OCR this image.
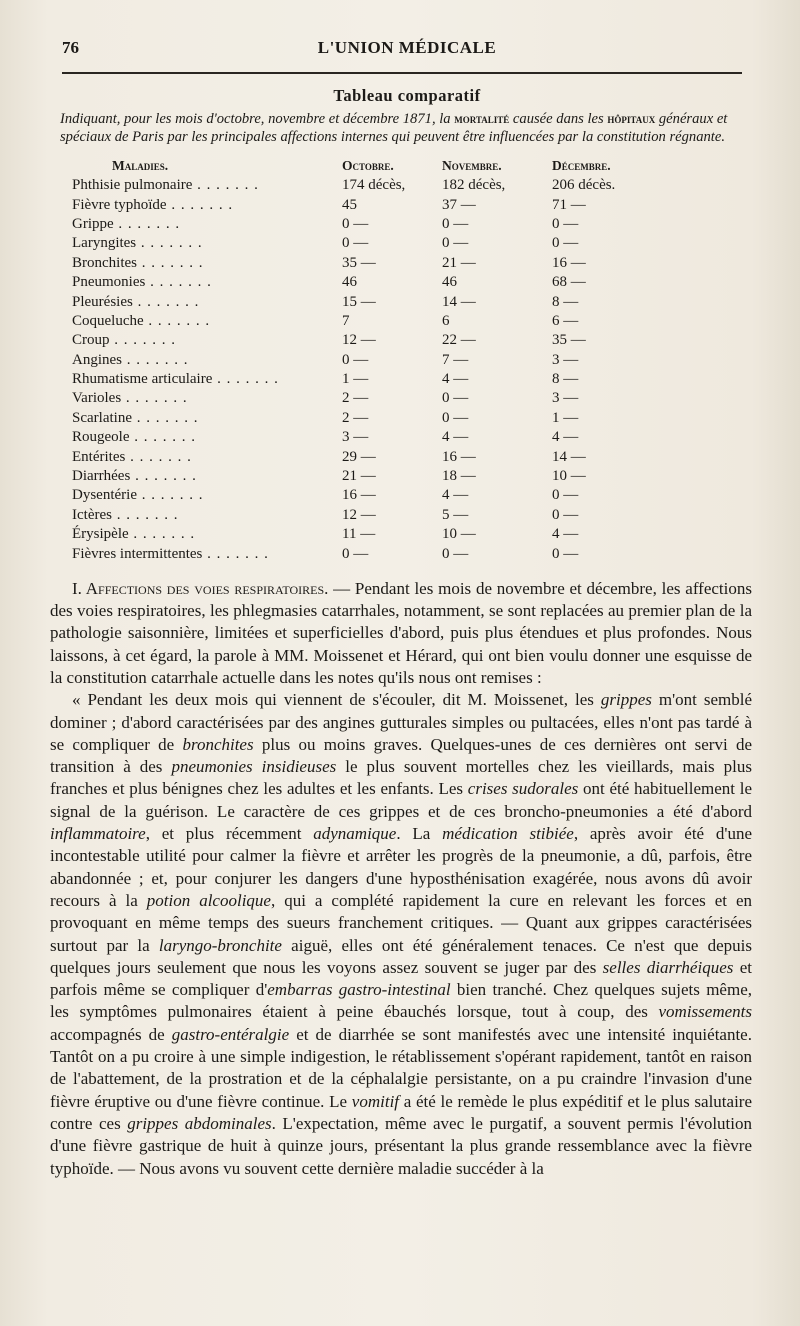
76	L'UNION MÉDICALE
Tableau comparatif
Indiquant, pour les mois d'octobre, novembre et décembre 1871, la mortalité causée dans les hôpitaux généraux et spéciaux de Paris par les principales affections internes qui peuvent être influencées par la constitution régnante.
Maladies.	Octobre.	Novembre.	Décembre.
Phthisie pulmonaire . . . . . . .	174 décès,	182 décès,	206 décès.
Fièvre typhoïde . . . . . . .	45	37 —	71 —
Grippe . . . . . . .	0 —	0 —	0 —
Laryngites . . . . . . .	0 —	0 —	0 —
Bronchites . . . . . . .	35 —	21 —	16 —
Pneumonies . . . . . . .	46	46	68 —
Pleurésies . . . . . . .	15 —	14 —	8 —
Coqueluche . . . . . . .	7	6	6 —
Croup . . . . . . .	12 —	22 —	35 —
Angines . . . . . . .	0 —	7 —	3 —
Rhumatisme articulaire . . . . . . .	1 —	4 —	8 —
Varioles . . . . . . .	2 —	0 —	3 —
Scarlatine . . . . . . .	2 —	0 —	1 —
Rougeole . . . . . . .	3 —	4 —	4 —
Entérites . . . . . . .	29 —	16 —	14 —
Diarrhées . . . . . . .	21 —	18 —	10 —
Dysentérie . . . . . . .	16 —	4 —	0 —
Ictères . . . . . . .	12 —	5 —	0 —
Érysipèle . . . . . . .	11 —	10 —	4 —
Fièvres intermittentes . . . . . . .	0 —	0 —	0 —

I. Affections des voies respiratoires. — Pendant les mois de novembre et décembre, les affections des voies respiratoires, les phlegmasies catarrhales, notamment, se sont replacées au premier plan de la pathologie saisonnière, limitées et superficielles d'abord, puis plus étendues et plus profondes. Nous laissons, à cet égard, la parole à MM. Moissenet et Hérard, qui ont bien voulu donner une esquisse de la constitution catarrhale actuelle dans les notes qu'ils nous ont remises :

« Pendant les deux mois qui viennent de s'écouler, dit M. Moissenet, les grippes m'ont semblé dominer ; d'abord caractérisées par des angines gutturales simples ou pultacées, elles n'ont pas tardé à se compliquer de bronchites plus ou moins graves. Quelques-unes de ces dernières ont servi de transition à des pneumonies insidieuses le plus souvent mortelles chez les vieillards, mais plus franches et plus bénignes chez les adultes et les enfants. Les crises sudorales ont été habituellement le signal de la guérison. Le caractère de ces grippes et de ces broncho-pneumonies a été d'abord inflammatoire, et plus récemment adynamique. La médication stibiée, après avoir été d'une incontestable utilité pour calmer la fièvre et arrêter les progrès de la pneumonie, a dû, parfois, être abandonnée ; et, pour conjurer les dangers d'une hyposthénisation exagérée, nous avons dû avoir recours à la potion alcoolique, qui a complété rapidement la cure en relevant les forces et en provoquant en même temps des sueurs franchement critiques. — Quant aux grippes caractérisées surtout par la laryngo-bronchite aiguë, elles ont été généralement tenaces. Ce n'est que depuis quelques jours seulement que nous les voyons assez souvent se juger par des selles diarrhéiques et parfois même se compliquer d'embarras gastro-intestinal bien tranché. Chez quelques sujets même, les symptômes pulmonaires étaient à peine ébauchés lorsque, tout à coup, des vomissements accompagnés de gastro-entéralgie et de diarrhée se sont manifestés avec une intensité inquiétante. Tantôt on a pu croire à une simple indigestion, le rétablissement s'opérant rapidement, tantôt en raison de l'abattement, de la prostration et de la céphalalgie persistante, on a pu craindre l'invasion d'une fièvre éruptive ou d'une fièvre continue. Le vomitif a été le remède le plus expéditif et le plus salutaire contre ces grippes abdominales. L'expectation, même avec le purgatif, a souvent permis l'évolution d'une fièvre gastrique de huit à quinze jours, présentant la plus grande ressemblance avec la fièvre typhoïde. — Nous avons vu souvent cette dernière maladie succéder à la
